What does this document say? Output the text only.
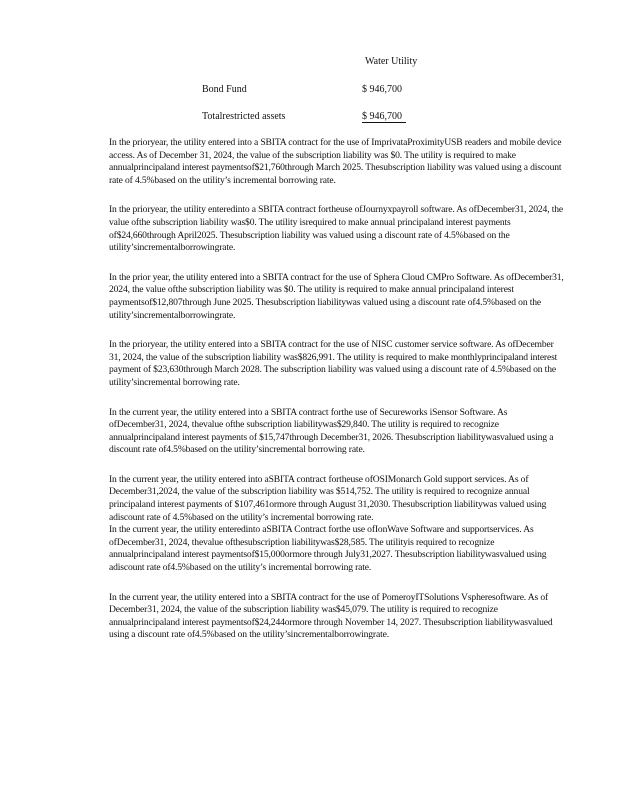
Water Utility
Bond Fund	$ 946,700
Totalrestricted assets	$ 946,700

In the prioryear, the utility entered into a SBITA contract for the use of ImprivataProximityUSB readers and mobile device access. As of December 31, 2024, the value of the subscription liability was $0. The utility is required to make annualprincipaland interest paymentsof$21,760through March 2025. Thesubscription liability was valued using a discount rate of 4.5%based on the utility’s incremental borrowing rate.

In the prioryear, the utility enteredinto a SBITA contract fortheuse ofJournyxpayroll software. As ofDecember31, 2024, the value ofthe subscription liability was$0. The utility isrequired to make annual principaland interest payments of$24,660through April2025. Thesubscription liability was valued using a discount rate of 4.5%based on the utility’sincrementalborrowingrate.

In the prior year, the utility entered into a SBITA contract for the use of Sphera Cloud CMPro Software. As ofDecember31, 2024, the value ofthe subscription liability was $0. The utility is required to make annual principaland interest paymentsof$12,807through June 2025. Thesubscription liabilitywas valued using a discount rate of4.5%based on the utility’sincrementalborrowingrate.

In the prioryear, the utility entered into a SBITA contract for the use of NISC customer service software. As ofDecember 31, 2024, the value of the subscription liability was$826,991. The utility is required to make monthlyprincipaland interest payment of $23,630through March 2028. The subscription liability was valued using a discount rate of 4.5%based on the utility’sincremental borrowing rate.

In the current year, the utility entered into a SBITA contract forthe use of Secureworks iSensor Software. As ofDecember31, 2024, thevalue ofthe subscription liabilitywas$29,840. The utility is required to recognize annualprincipaland interest payments of $15,747through December31, 2026. Thesubscription liabilitywasvalued using a discount rate of4.5%based on the utility’sincremental borrowing rate.

In the current year, the utility entered into aSBITA contract fortheuse ofOSIMonarch Gold support services. As of December31,2024, the value of the subscription liability was $514,752. The utility is required to recognize annual principaland interest payments of $107,461ormore through August 31,2030. Thesubscription liabilitywas valued using adiscount rate of 4.5%based on the utility’s incremental borrowing rate.

In the current year, the utility enteredinto aSBITA Contract forthe use ofIonWave Software and supportservices. As ofDecember31, 2024, thevalue ofthesubscription liabilitywas$28,585. The utilityis required to recognize annualprincipaland interest paymentsof$15,000ormore through July31,2027. Thesubscription liabilitywasvalued using adiscount rate of4.5%based on the utility’s incremental borrowing rate.

In the current year, the utility entered into a SBITA contract for the use of PomeroyITSolutions Vspheresoftware. As of December31, 2024, the value of the subscription liability was$45,079. The utility is required to recognize annualprincipaland interest paymentsof$24,244ormore through November 14, 2027. Thesubscription liabilitywasvalued using a discount rate of4.5%based on the utility’sincrementalborrowingrate.
